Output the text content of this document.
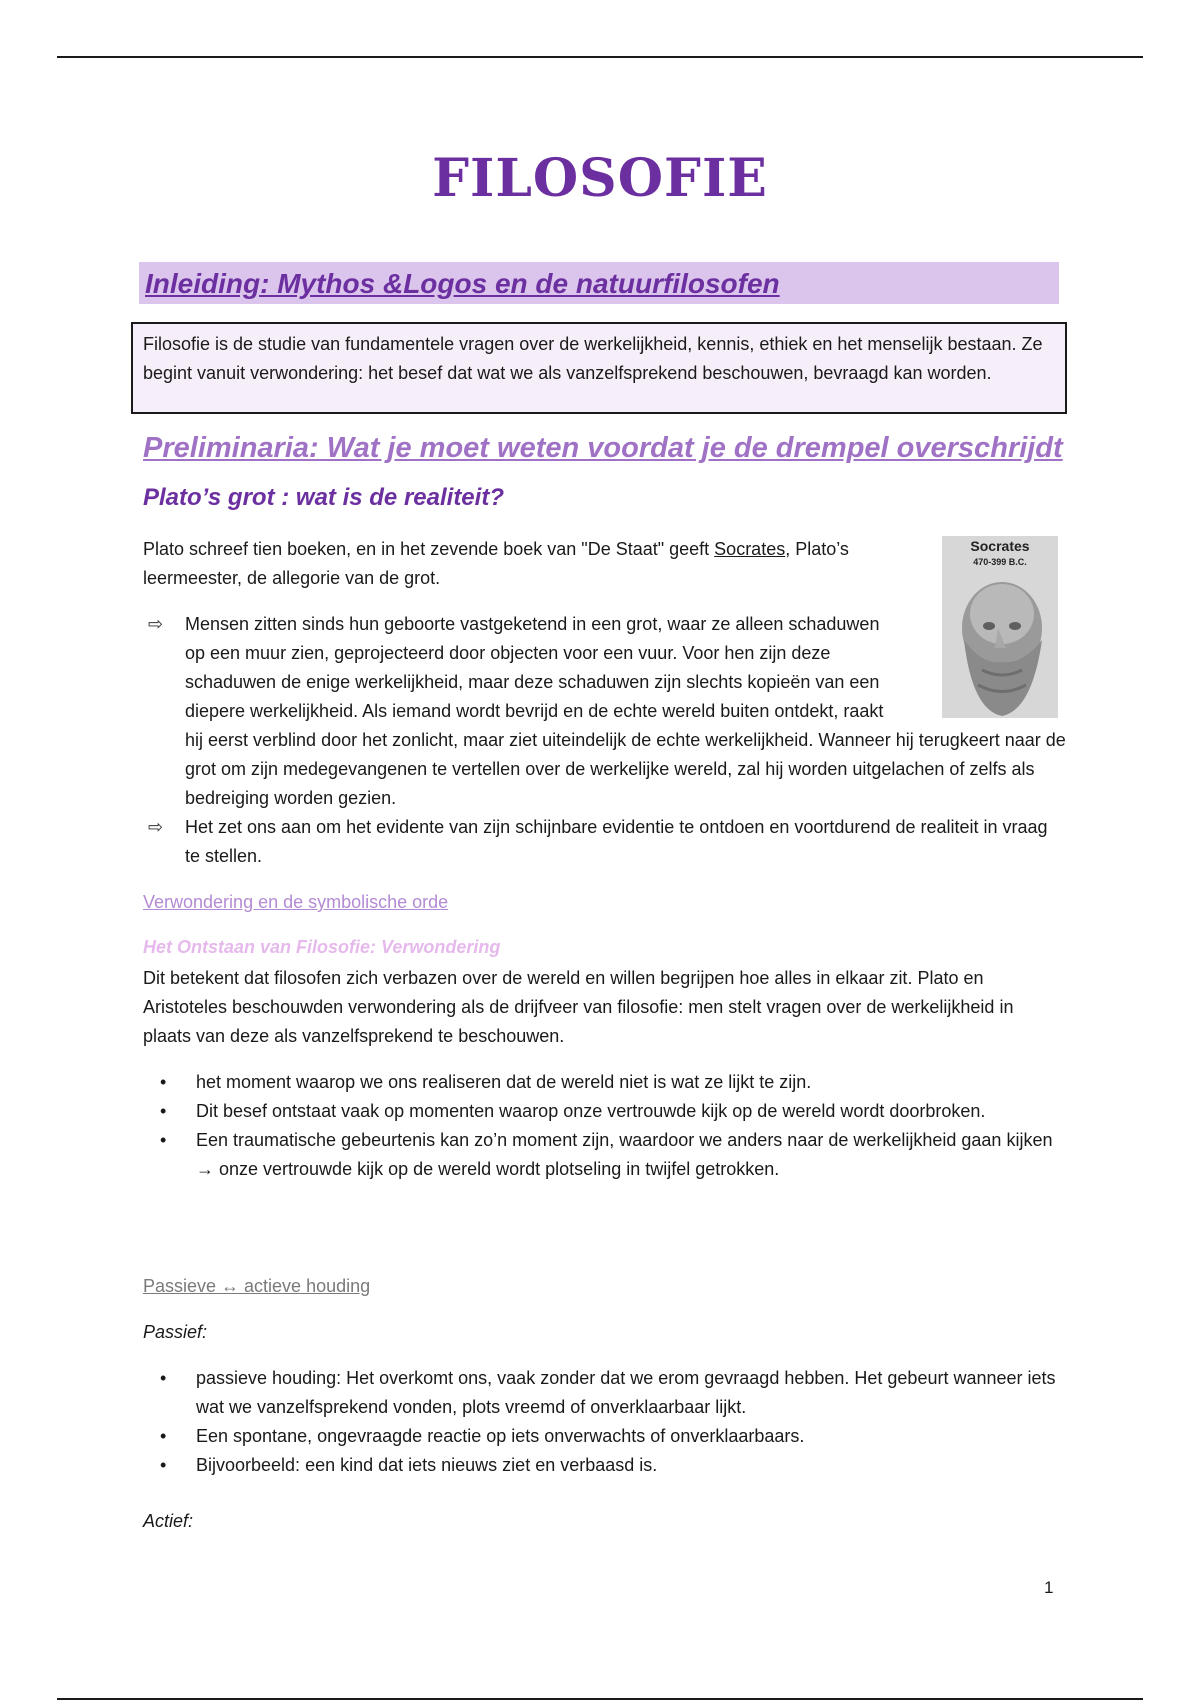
FILOSOFIE
Inleiding: Mythos &Logos en de natuurfilosofen
Filosofie is de studie van fundamentele vragen over de werkelijkheid, kennis, ethiek en het menselijk bestaan. Ze begint vanuit verwondering: het besef dat wat we als vanzelfsprekend beschouwen, bevraagd kan worden.
Preliminaria: Wat je moet weten voordat je de drempel overschrijdt
Plato’s grot : wat is de realiteit?
Plato schreef tien boeken, en in het zevende boek van "De Staat" geeft Socrates, Plato’s leermeester, de allegorie van de grot.
Socrates
470-399 B.C.
⇨ Mensen zitten sinds hun geboorte vastgeketend in een grot, waar ze alleen schaduwen op een muur zien, geprojecteerd door objecten voor een vuur. Voor hen zijn deze schaduwen de enige werkelijkheid, maar deze schaduwen zijn slechts kopieën van een diepere werkelijkheid. Als iemand wordt bevrijd en de echte wereld buiten ontdekt, raakt hij eerst verblind door het zonlicht, maar ziet uiteindelijk de echte werkelijkheid. Wanneer hij terugkeert naar de grot om zijn medegevangenen te vertellen over de werkelijke wereld, zal hij worden uitgelachen of zelfs als bedreiging worden gezien.
⇨ Het zet ons aan om het evidente van zijn schijnbare evidentie te ontdoen en voortdurend de realiteit in vraag te stellen.
Verwondering en de symbolische orde
Het Ontstaan van Filosofie: Verwondering
Dit betekent dat filosofen zich verbazen over de wereld en willen begrijpen hoe alles in elkaar zit. Plato en Aristoteles beschouwden verwondering als de drijfveer van filosofie: men stelt vragen over de werkelijkheid in plaats van deze als vanzelfsprekend te beschouwen.
• het moment waarop we ons realiseren dat de wereld niet is wat ze lijkt te zijn.
• Dit besef ontstaat vaak op momenten waarop onze vertrouwde kijk op de wereld wordt doorbroken.
• Een traumatische gebeurtenis kan zo’n moment zijn, waardoor we anders naar de werkelijkheid gaan kijken → onze vertrouwde kijk op de wereld wordt plotseling in twijfel getrokken.
Passieve ↔ actieve houding
Passief:
• passieve houding: Het overkomt ons, vaak zonder dat we erom gevraagd hebben. Het gebeurt wanneer iets wat we vanzelfsprekend vonden, plots vreemd of onverklaarbaar lijkt.
• Een spontane, ongevraagde reactie op iets onverwachts of onverklaarbaars.
• Bijvoorbeeld: een kind dat iets nieuws ziet en verbaasd is.
Actief:
1
